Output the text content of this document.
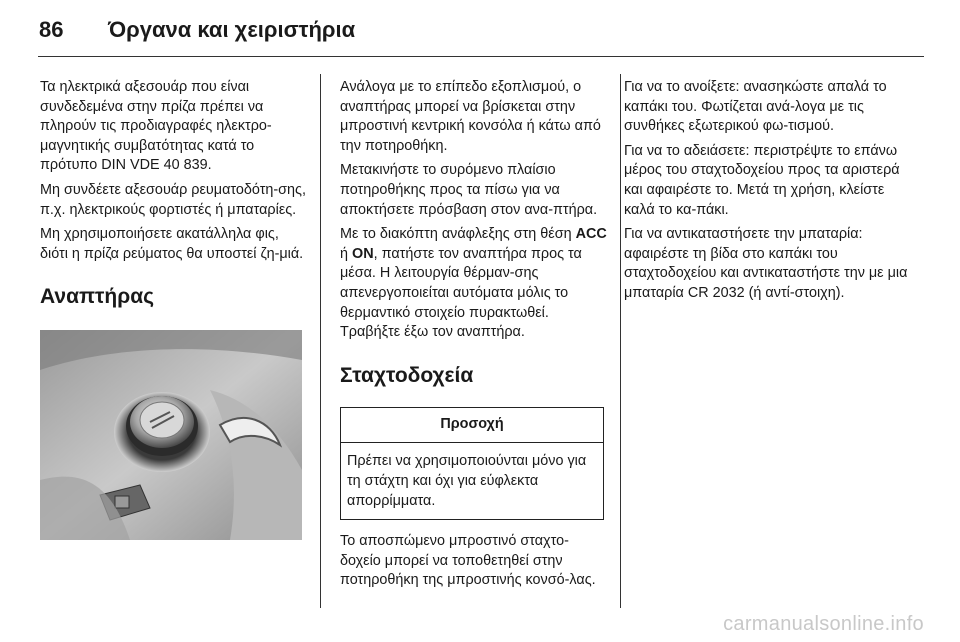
86 Όργανα και χειριστήρια

Τα ηλεκτρικά αξεσουάρ που είναι συνδεδεμένα στην πρίζα πρέπει να πληρούν τις προδιαγραφές ηλεκτρο-μαγνητικής συμβατότητας κατά το πρότυπο DIN VDE 40 839.

Μη συνδέετε αξεσουάρ ρευματοδότη-σης, π.χ. ηλεκτρικούς φορτιστές ή μπαταρίες.

Μη χρησιμοποιήσετε ακατάλληλα φις, διότι η πρίζα ρεύματος θα υποστεί ζη-μιά.

Αναπτήρας

Ανάλογα με το επίπεδο εξοπλισμού, ο αναπτήρας μπορεί να βρίσκεται στην μπροστινή κεντρική κονσόλα ή κάτω από την ποτηροθήκη.

Μετακινήστε το συρόμενο πλαίσιο ποτηροθήκης προς τα πίσω για να αποκτήσετε πρόσβαση στον ανα-πτήρα.

Με το διακόπτη ανάφλεξης στη θέση ACC ή ON, πατήστε τον αναπτήρα προς τα μέσα. Η λειτουργία θέρμαν-σης απενεργοποιείται αυτόματα μόλις το θερμαντικό στοιχείο πυρακτωθεί. Τραβήξτε έξω τον αναπτήρα.

Σταχτοδοχεία
Προσοχή
Πρέπει να χρησιμοποιούνται μόνο για τη στάχτη και όχι για εύφλεκτα απορρίμματα.

Το αποσπώμενο μπροστινό σταχτο-δοχείο μπορεί να τοποθετηθεί στην ποτηροθήκη της μπροστινής κονσό-λας.

Για να το ανοίξετε: ανασηκώστε απαλά το καπάκι του. Φωτίζεται ανά-λογα με τις συνθήκες εξωτερικού φω-τισμού.

Για να το αδειάσετε: περιστρέψτε το επάνω μέρος του σταχτοδοχείου προς τα αριστερά και αφαιρέστε το. Μετά τη χρήση, κλείστε καλά το κα-πάκι.

Για να αντικαταστήσετε την μπαταρία: αφαιρέστε τη βίδα στο καπάκι του σταχτοδοχείου και αντικαταστήστε την με μια μπαταρία CR 2032 (ή αντί-στοιχη).

carmanualsonline.info
